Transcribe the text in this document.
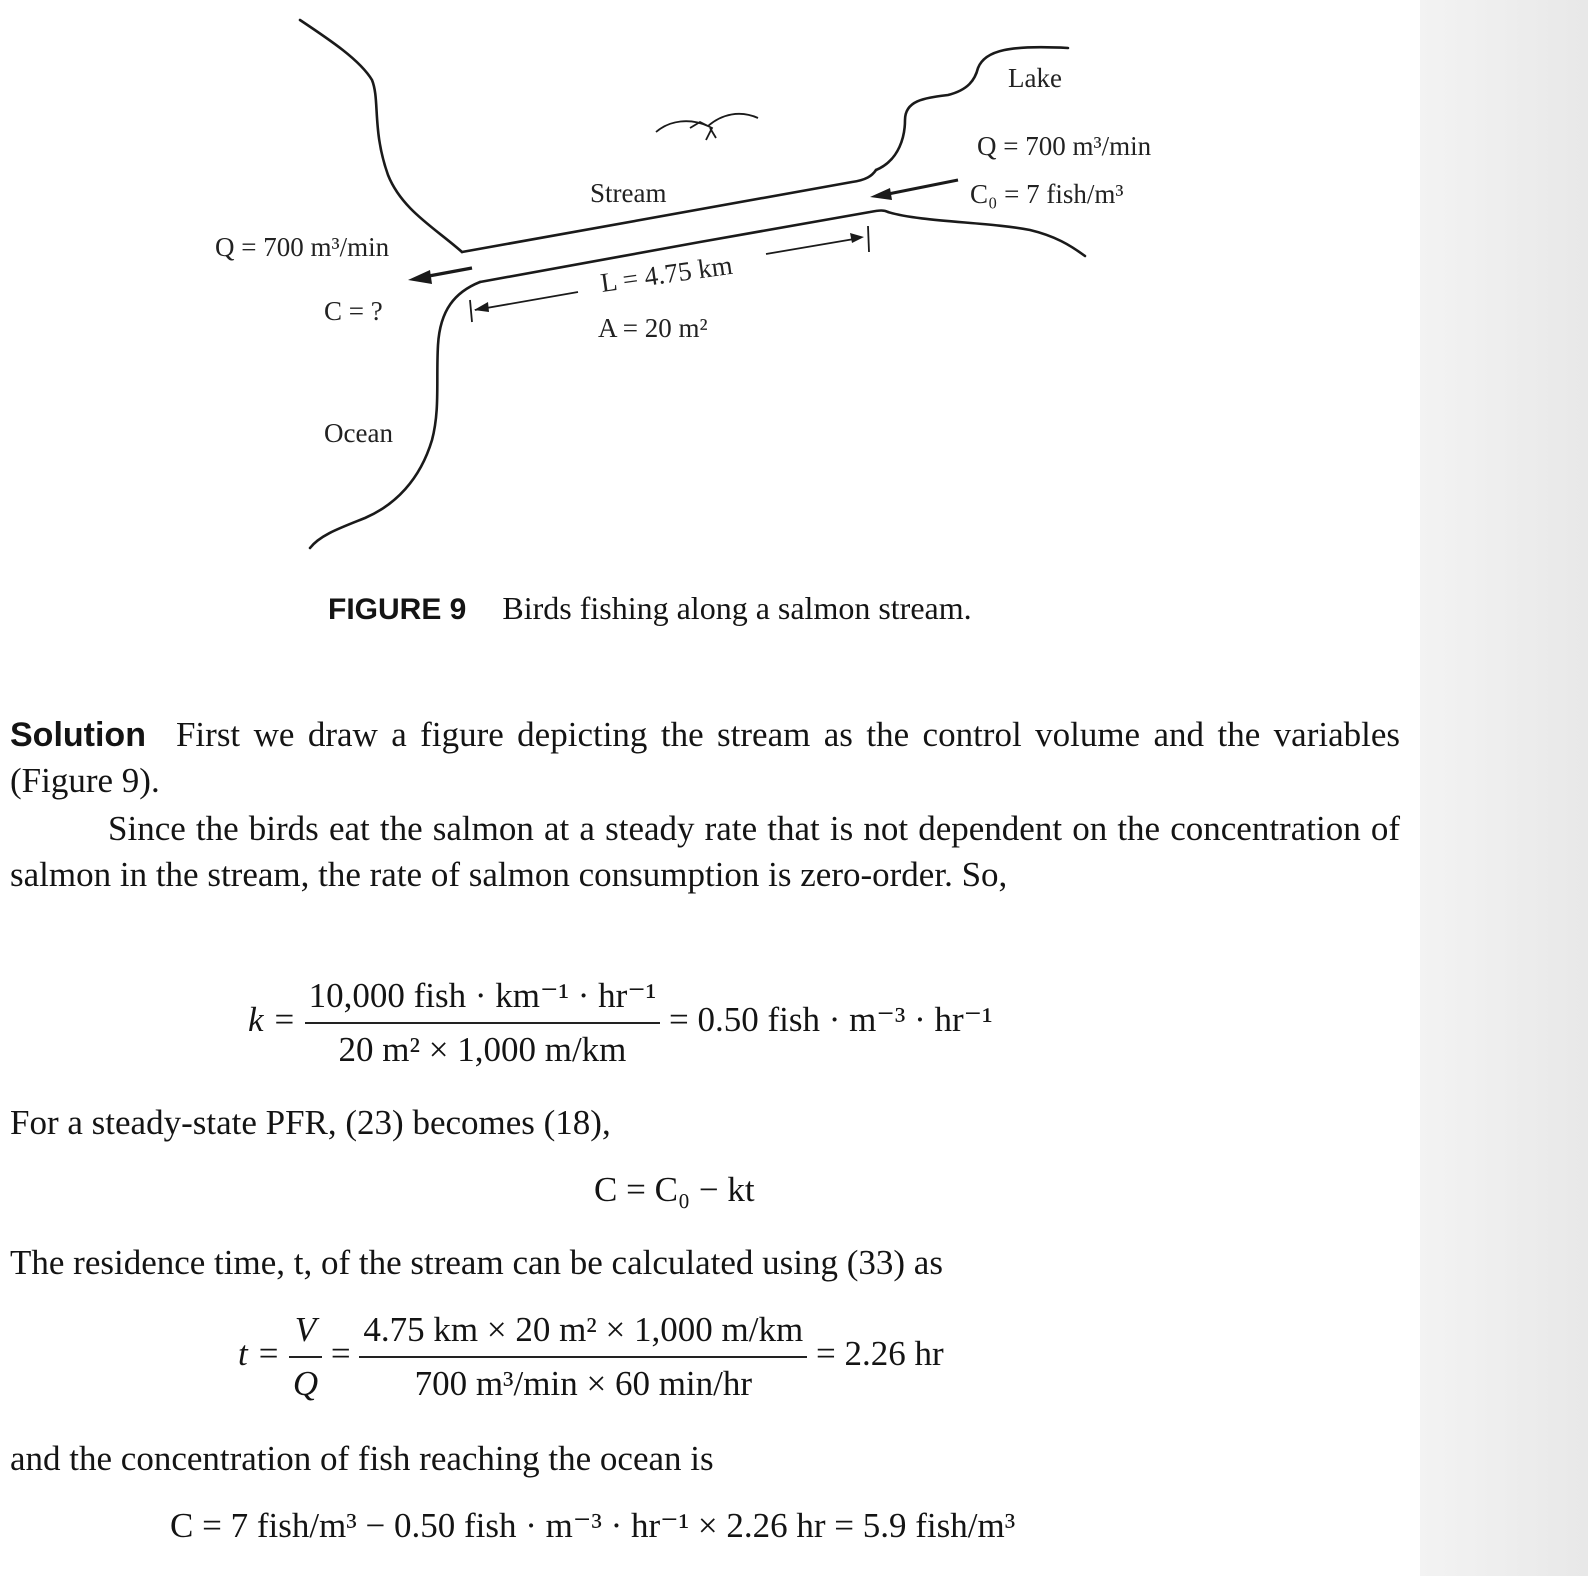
Lake
Q = 700 m³/min
C₀ = 7 fish/m³
Stream
Q = 700 m³/min
C = ?
L = 4.75 km
A = 20 m²
Ocean
FIGURE 9 Birds fishing along a salmon stream.
Solution First we draw a figure depicting the stream as the control volume and the variables (Figure 9).
Since the birds eat the salmon at a steady rate that is not dependent on the concentration of salmon in the stream, the rate of salmon consumption is zero-order. So,
$k = \frac{\text{10,000 fish · km⁻¹ · hr⁻¹}}{\text{20 m² × 1,000 m/km}} = 0.50$ fish · m⁻³ · hr⁻¹
For a steady-state PFR, (23) becomes (18),
C = C₀ − kt
The residence time, t, of the stream can be calculated using (33) as
$t = \frac{V}{Q} = \frac{\text{4.75 km × 20 m² × 1,000 m/km}}{\text{700 m³/min × 60 min/hr}} = 2.26$ hr
and the concentration of fish reaching the ocean is
C = 7 fish/m³ − 0.50 fish · m⁻³ · hr⁻¹ × 2.26 hr = 5.9 fish/m³
